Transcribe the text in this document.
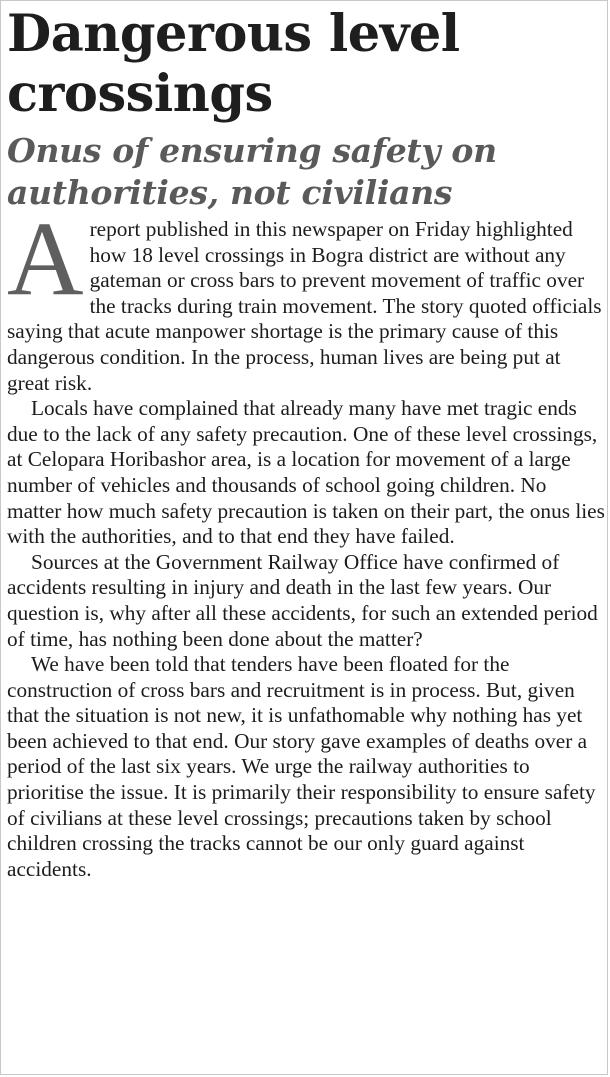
Dangerous level crossings
Onus of ensuring safety on authorities, not civilians

A report published in this newspaper on Friday highlighted how 18 level crossings in Bogra district are without any gateman or cross bars to prevent movement of traffic over the tracks during train movement. The story quoted officials saying that acute manpower shortage is the primary cause of this dangerous condition. In the process, human lives are being put at great risk.

Locals have complained that already many have met tragic ends due to the lack of any safety precaution. One of these level crossings, at Celopara Horibashor area, is a location for movement of a large number of vehicles and thousands of school going children. No matter how much safety precaution is taken on their part, the onus lies with the authorities, and to that end they have failed.

Sources at the Government Railway Office have confirmed of accidents resulting in injury and death in the last few years. Our question is, why after all these accidents, for such an extended period of time, has nothing been done about the matter?

We have been told that tenders have been floated for the construction of cross bars and recruitment is in process. But, given that the situation is not new, it is unfathomable why nothing has yet been achieved to that end. Our story gave examples of deaths over a period of the last six years. We urge the railway authorities to prioritise the issue. It is primarily their responsibility to ensure safety of civilians at these level crossings; precautions taken by school children crossing the tracks cannot be our only guard against accidents.
